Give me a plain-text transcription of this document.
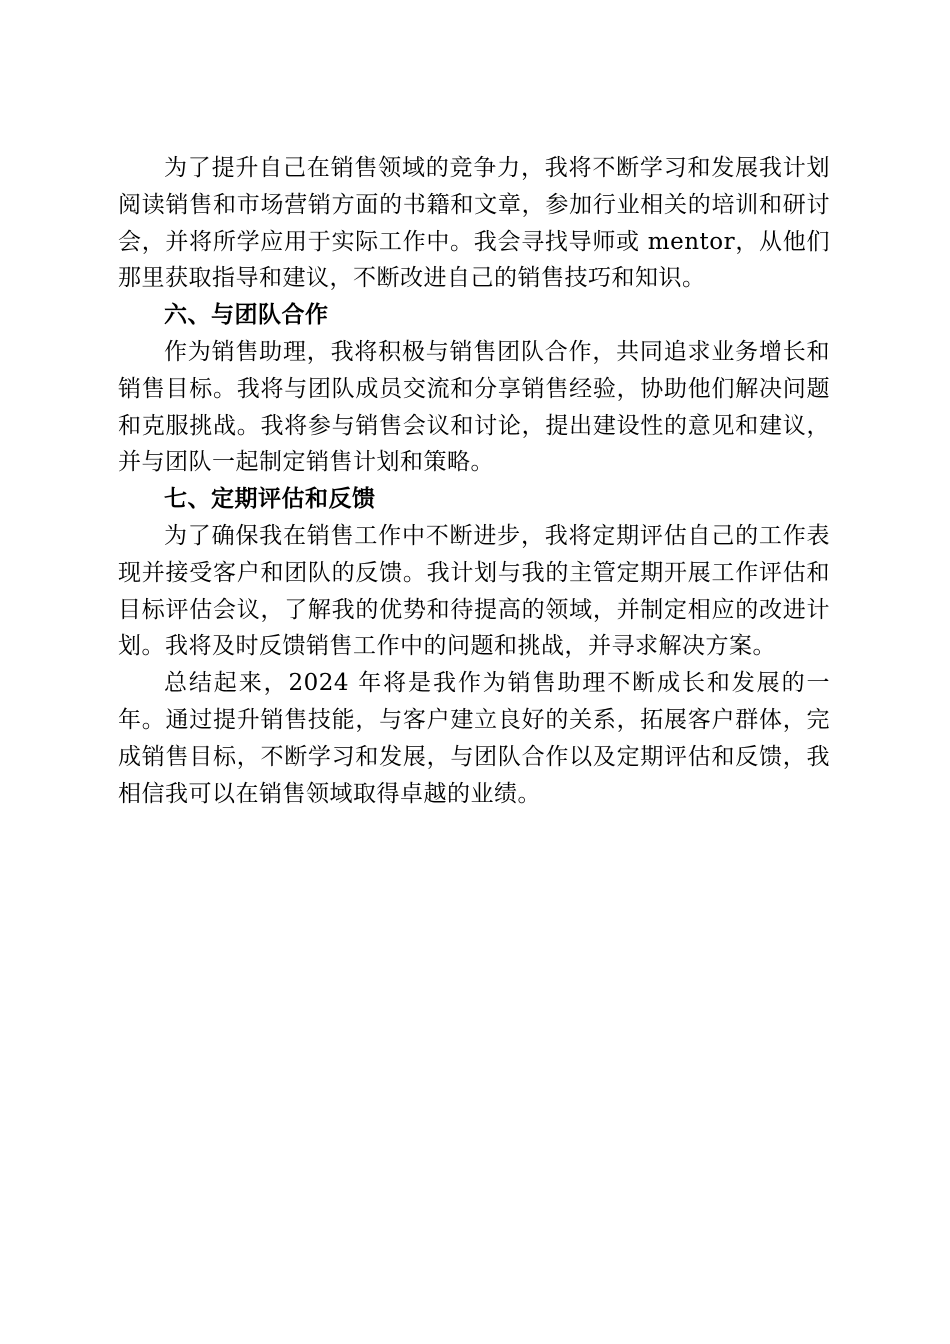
为了提升自己在销售领域的竞争力，我将不断学习和发展我计划阅读销售和市场营销方面的书籍和文章，参加行业相关的培训和研讨会，并将所学应用于实际工作中。我会寻找导师或 mentor，从他们那里获取指导和建议，不断改进自己的销售技巧和知识。

六、与团队合作

作为销售助理，我将积极与销售团队合作，共同追求业务增长和销售目标。我将与团队成员交流和分享销售经验，协助他们解决问题和克服挑战。我将参与销售会议和讨论，提出建设性的意见和建议，并与团队一起制定销售计划和策略。

七、定期评估和反馈

为了确保我在销售工作中不断进步，我将定期评估自己的工作表现并接受客户和团队的反馈。我计划与我的主管定期开展工作评估和目标评估会议，了解我的优势和待提高的领域，并制定相应的改进计划。我将及时反馈销售工作中的问题和挑战，并寻求解决方案。

总结起来，2024 年将是我作为销售助理不断成长和发展的一年。通过提升销售技能，与客户建立良好的关系，拓展客户群体，完成销售目标，不断学习和发展，与团队合作以及定期评估和反馈，我相信我可以在销售领域取得卓越的业绩。
